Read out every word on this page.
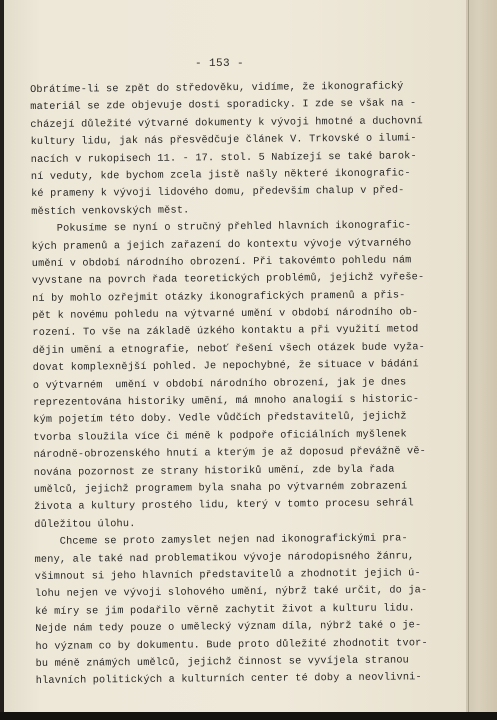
- 153 -
Obrátíme-li se zpět do středověku, vidíme, že ikonografický
materiál se zde objevuje dosti sporadicky. I zde se však na -
cházejí důležité výtvarné dokumenty k vývoji hmotné a duchovní
kultury lidu, jak nás přesvědčuje článek V. Trkovské o ilumi-
nacích v rukopisech 11. - 17. stol. 5 Nabízejí se také barok-
ní veduty, kde bychom zcela jistě našly některé ikonografic-
ké prameny k vývoji lidového domu, především chalup v před-
městích venkovských měst.
Pokusíme se nyní o stručný přehled hlavních ikonografic-
kých pramenů a jejich zařazení do kontextu vývoje výtvarného
umění v období národního obrození. Při takovémto pohledu nám
vyvstane na povrch řada teoretických problémů, jejichž vyřeše-
ní by mohlo ozřejmit otázky ikonografických pramenů a přis-
pět k novému pohledu na výtvarné umění v období národního ob-
rození. To vše na základě úzkého kontaktu a při využití metod
dějin umění a etnografie, neboť řešení všech otázek bude vyža-
dovat komplexnější pohled. Je nepochybné, že situace v bádání
o výtvarném  umění v období národního obrození, jak je dnes
reprezentována historiky umění, má mnoho analogií s historic-
kým pojetím této doby. Vedle vůdčích představitelů, jejichž
tvorba sloužila více či méně k podpoře oficiálních myšlenek
národně-obrozenského hnutí a kterým je až doposud převážně vě-
nována pozornost ze strany historiků umění, zde byla řada
umělců, jejichž programem byla snaha po výtvarném zobrazení
života a kultury prostého lidu, který v tomto procesu sehrál
důležitou úlohu.
Chceme se proto zamyslet nejen nad ikonografickými pra-
meny, ale také nad problematikou vývoje národopisného žánru,
všimnout si jeho hlavních představitelů a zhodnotit jejich ú-
lohu nejen ve vývoji slohového umění, nýbrž také určit, do ja-
ké míry se jim podařilo věrně zachytit život a kulturu lidu.
Nejde nám tedy pouze o umělecký význam díla, nýbrž také o je-
ho význam co by dokumentu. Bude proto důležité zhodnotit tvor-
bu méně známých umělců, jejichž činnost se vyvíjela stranou
hlavních politických a kulturních center té doby a neovlivni-
